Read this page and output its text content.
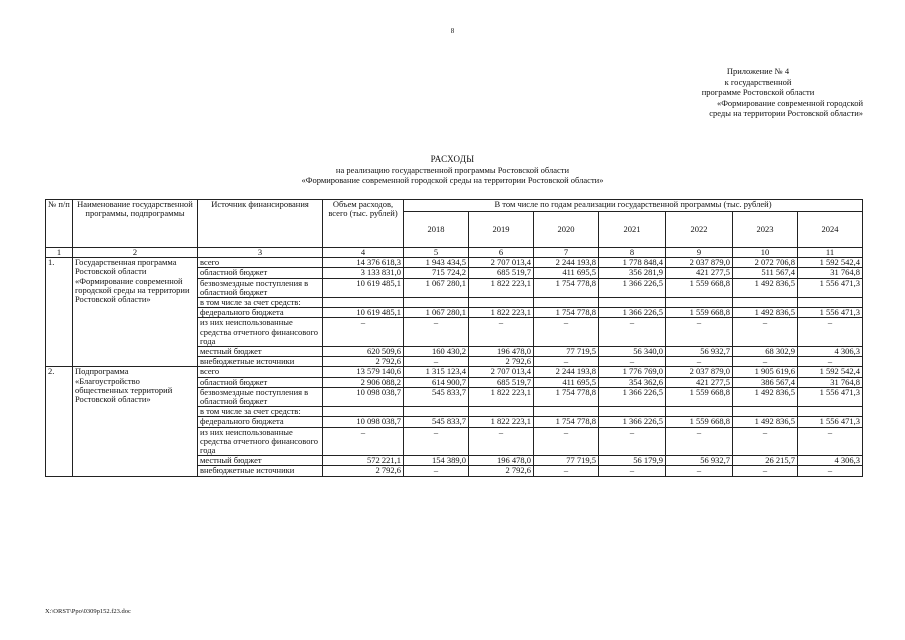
8
Приложение № 4
к государственной
программе Ростовской области
«Формирование современной городской
среды на территории Ростовской области»
РАСХОДЫ
на реализацию государственной программы Ростовской области
«Формирование современной городской среды на территории Ростовской области»
№ п/п	Наименование государственной программы, подпрограммы	Источник финансирования	Объем расходов, всего (тыс. рублей)	В том числе по годам реализации государственной программы (тыс. рублей)						
				2018	2019	2020	2021	2022	2023	2024
1	2	3	4	5	6	7	8	9	10	11
1.	Государственная программа Ростовской области «Формирование современной городской среды на территории Ростовской области»	всего	14 376 618,3	1 943 434,5	2 707 013,4	2 244 193,8	1 778 848,4	2 037 879,0	2 072 706,8	1 592 542,4
		областной бюджет	3 133 831,0	715 724,2	685 519,7	411 695,5	356 281,9	421 277,5	511 567,4	31 764,8
		безвозмездные поступления в областной бюджет	10 619 485,1	1 067 280,1	1 822 223,1	1 754 778,8	1 366 226,5	1 559 668,8	1 492 836,5	1 556 471,3
		в том числе за счет средств:								
		федерального бюджета	10 619 485,1	1 067 280,1	1 822 223,1	1 754 778,8	1 366 226,5	1 559 668,8	1 492 836,5	1 556 471,3
		из них неиспользованные средства отчетного финансового года	–	–	–	–	–	–	–	–
		местный бюджет	620 509,6	160 430,2	196 478,0	77 719,5	56 340,0	56 932,7	68 302,9	4 306,3
		внебюджетные источники	2 792,6	–	2 792,6	–	–	–	–	–
2.	Подпрограмма «Благоустройство общественных территорий Ростовской области»	всего	13 579 140,6	1 315 123,4	2 707 013,4	2 244 193,8	1 776 769,0	2 037 879,0	1 905 619,6	1 592 542,4
		областной бюджет	2 906 088,2	614 900,7	685 519,7	411 695,5	354 362,6	421 277,5	386 567,4	31 764,8
		безвозмездные поступления в областной бюджет	10 098 038,7	545 833,7	1 822 223,1	1 754 778,8	1 366 226,5	1 559 668,8	1 492 836,5	1 556 471,3
		в том числе за счет средств:								
		федерального бюджета	10 098 038,7	545 833,7	1 822 223,1	1 754 778,8	1 366 226,5	1 559 668,8	1 492 836,5	1 556 471,3
		из них неиспользованные средства отчетного финансового года	–	–	–	–	–	–	–	–
		местный бюджет	572 221,1	154 389,0	196 478,0	77 719,5	56 179,9	56 932,7	26 215,7	4 306,3
		внебюджетные источники	2 792,6	–	2 792,6	–	–	–	–	–
X:\ORST\Ppo\0309p152.f23.doc
